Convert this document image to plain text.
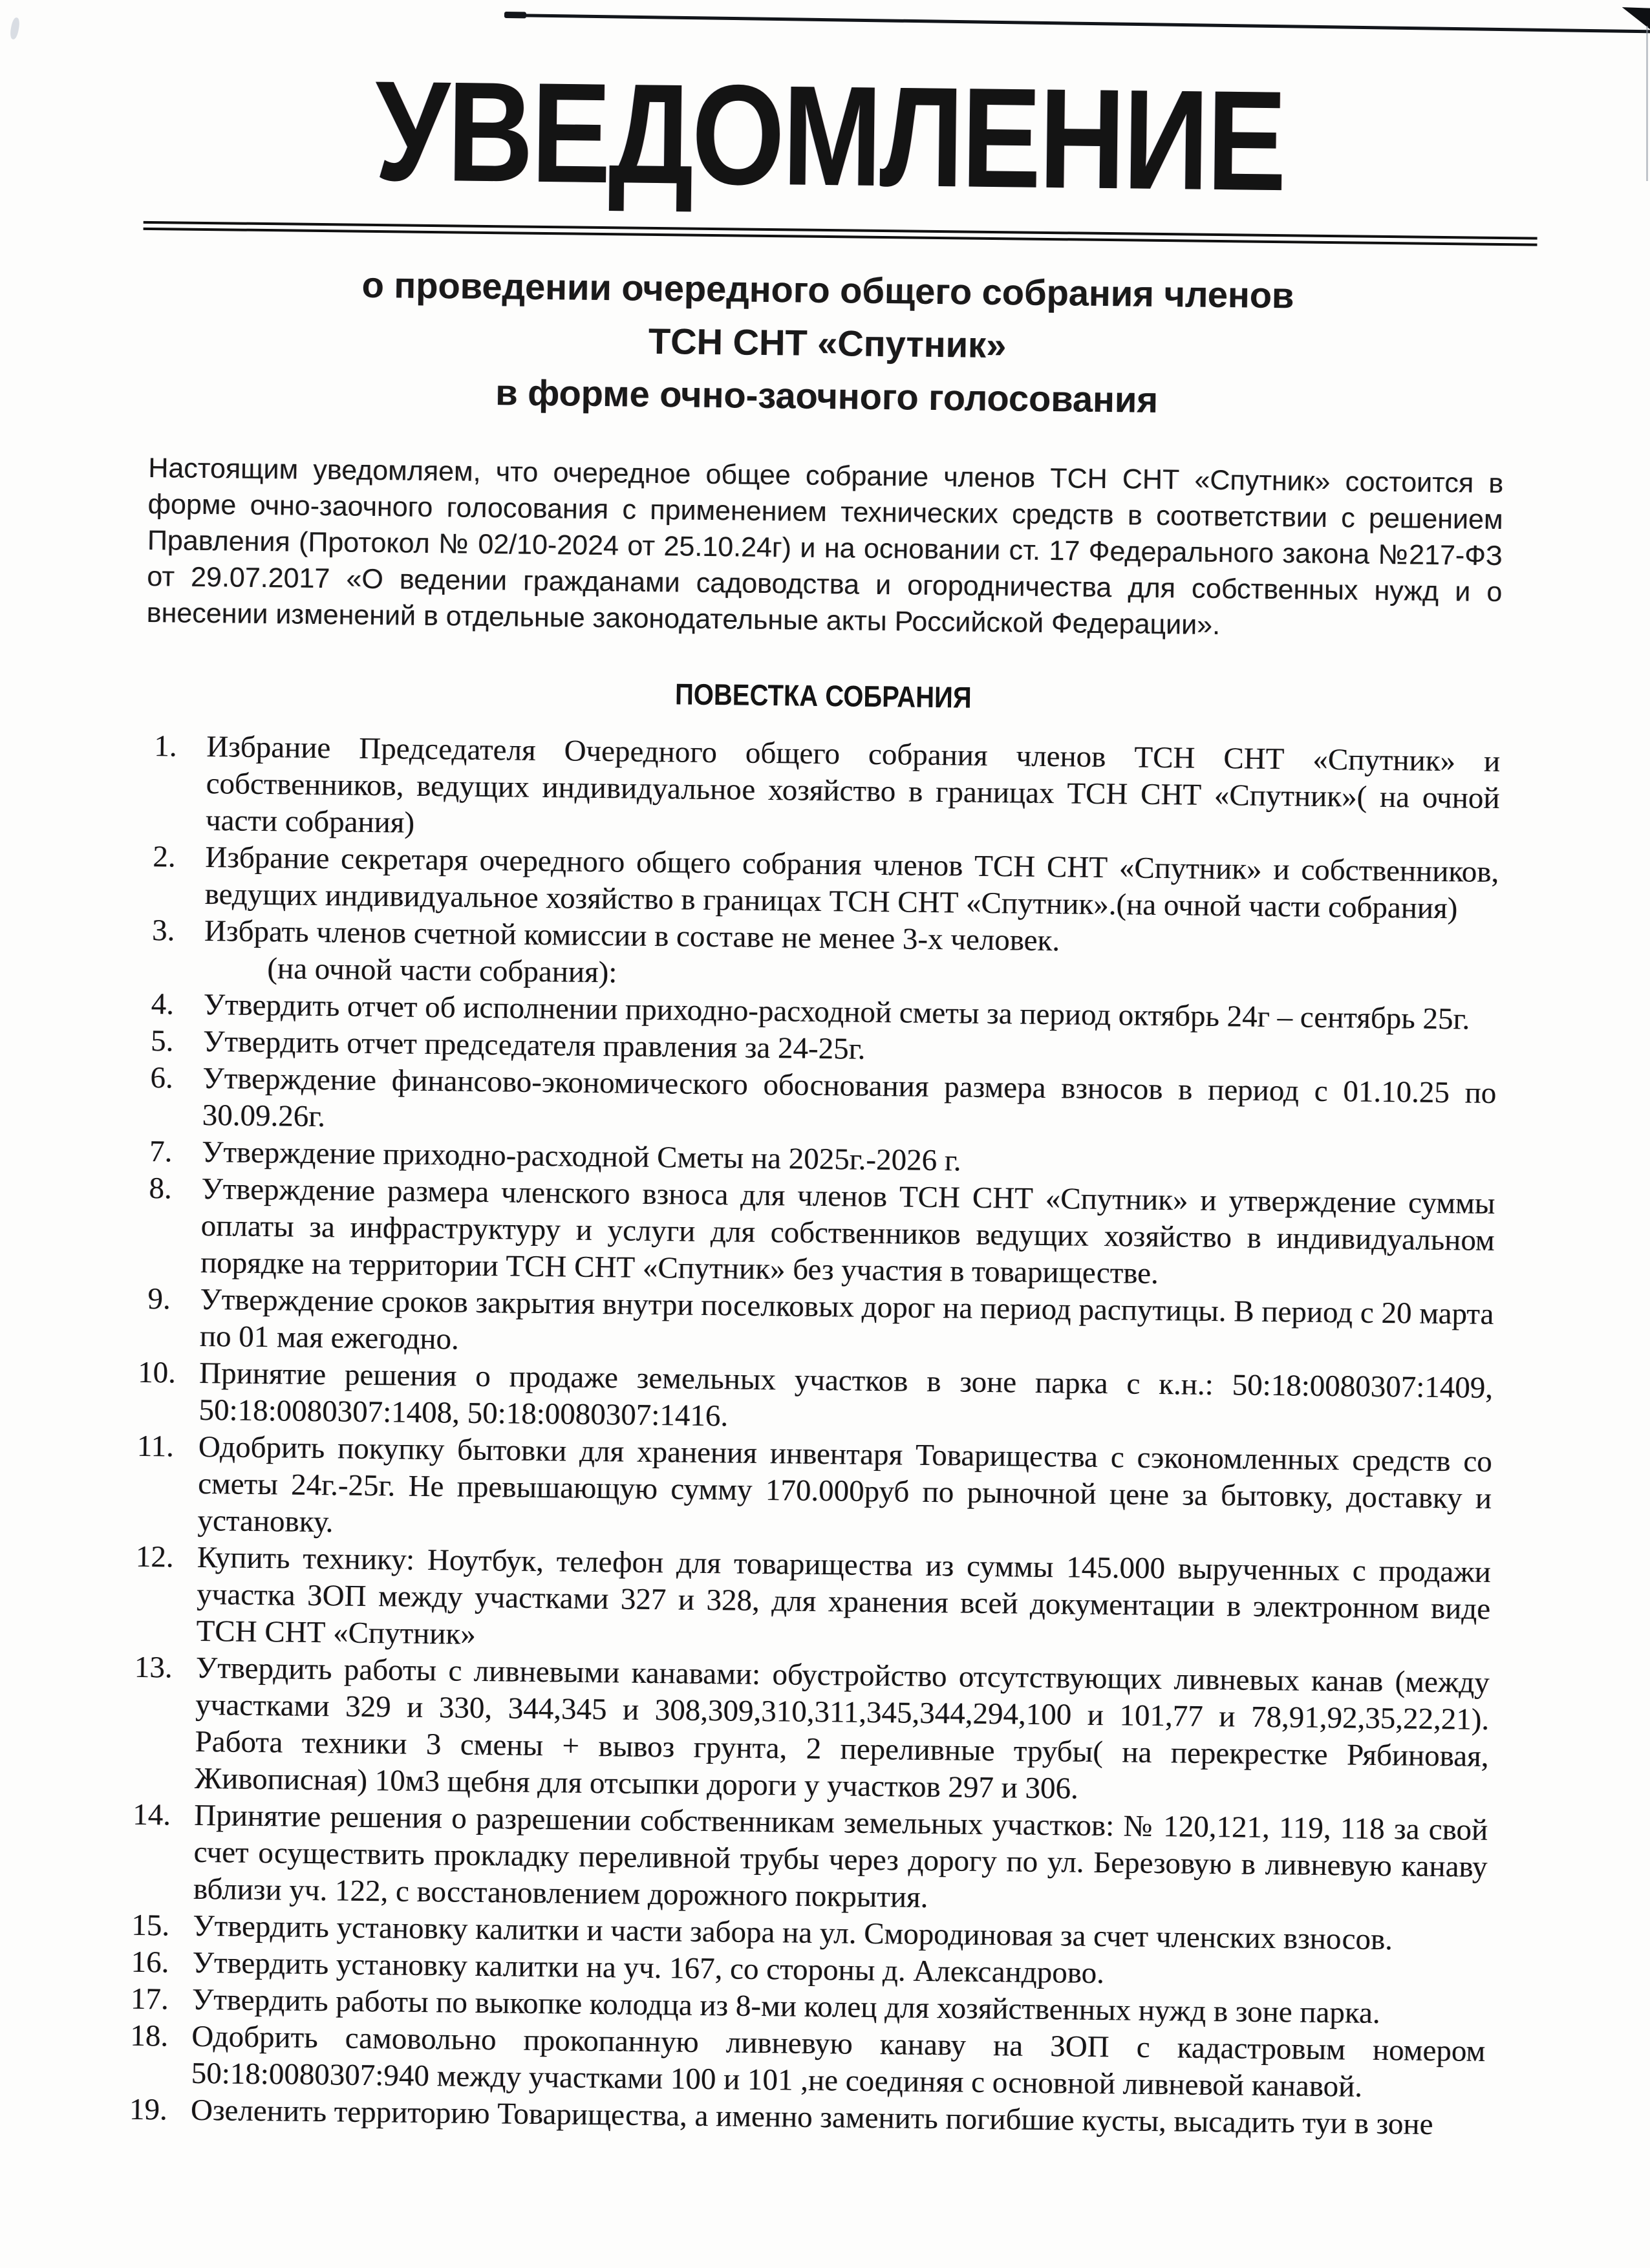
УВЕДОМЛЕНИЕ
о проведении очередного общего собрания членов
ТСН СНТ «Спутник»
в форме очно-заочного голосования
Настоящим уведомляем, что очередное общее собрание членов ТСН СНТ «Спутник» состоится в форме очно-заочного голосования с применением технических средств в соответствии с решением Правления (Протокол № 02/10-2024 от 25.10.24г) и на основании ст. 17 Федерального закона №217-ФЗ от 29.07.2017 «О ведении гражданами садоводства и огородничества для собственных нужд и о внесении изменений в отдельные законодательные акты Российской Федерации».
ПОВЕСТКА СОБРАНИЯ
1. Избрание Председателя Очередного общего собрания членов ТСН СНТ «Спутник» и собственников, ведущих индивидуальное хозяйство в границах ТСН СНТ «Спутник»( на очной части собрания)
2. Избрание секретаря очередного общего собрания членов ТСН СНТ «Спутник» и собственников, ведущих индивидуальное хозяйство в границах ТСН СНТ «Спутник».(на очной части собрания)
3. Избрать членов счетной комиссии в составе не менее 3-х человек.
(на очной части собрания):
4. Утвердить отчет об исполнении приходно-расходной сметы за период октябрь 24г – сентябрь 25г.
5. Утвердить отчет председателя правления за 24-25г.
6. Утверждение финансово-экономического обоснования размера взносов в период с 01.10.25 по 30.09.26г.
7. Утверждение приходно-расходной Сметы на 2025г.-2026 г.
8. Утверждение размера членского взноса для членов ТСН СНТ «Спутник» и утверждение суммы оплаты за инфраструктуру и услуги для собственников ведущих хозяйство в индивидуальном порядке на территории ТСН СНТ «Спутник» без участия в товариществе.
9. Утверждение сроков закрытия внутри поселковых дорог на период распутицы. В период с 20 марта по 01 мая ежегодно.
10. Принятие решения о продаже земельных участков в зоне парка с к.н.: 50:18:0080307:1409, 50:18:0080307:1408, 50:18:0080307:1416.
11. Одобрить покупку бытовки для хранения инвентаря Товарищества с сэкономленных средств со сметы 24г.-25г. Не превышающую сумму 170.000руб по рыночной цене за бытовку, доставку и установку.
12. Купить технику: Ноутбук, телефон для товарищества из суммы 145.000 вырученных с продажи участка ЗОП между участками 327 и 328, для хранения всей документации в электронном виде ТСН СНТ «Спутник»
13. Утвердить работы с ливневыми канавами: обустройство отсутствующих ливневых канав (между участками 329 и 330, 344,345 и 308,309,310,311,345,344,294,100 и 101,77 и 78,91,92,35,22,21). Работа техники 3 смены + вывоз грунта, 2 переливные трубы( на перекрестке Рябиновая, Живописная) 10м3 щебня для отсыпки дороги у участков 297 и 306.
14. Принятие решения о разрешении собственникам земельных участков: № 120,121, 119, 118 за свой счет осуществить прокладку переливной трубы через дорогу по ул. Березовую в ливневую канаву вблизи уч. 122, с восстановлением дорожного покрытия.
15. Утвердить установку калитки и части забора на ул. Смородиновая за счет членских взносов.
16. Утвердить установку калитки на уч. 167, со стороны д. Александрово.
17. Утвердить работы по выкопке колодца из 8-ми колец для хозяйственных нужд в зоне парка.
18. Одобрить самовольно прокопанную ливневую канаву на ЗОП с кадастровым номером 50:18:0080307:940 между участками 100 и 101 ,не соединяя с основной ливневой канавой.
19. Озеленить территорию Товарищества, а именно заменить погибшие кусты, высадить туи в зоне
